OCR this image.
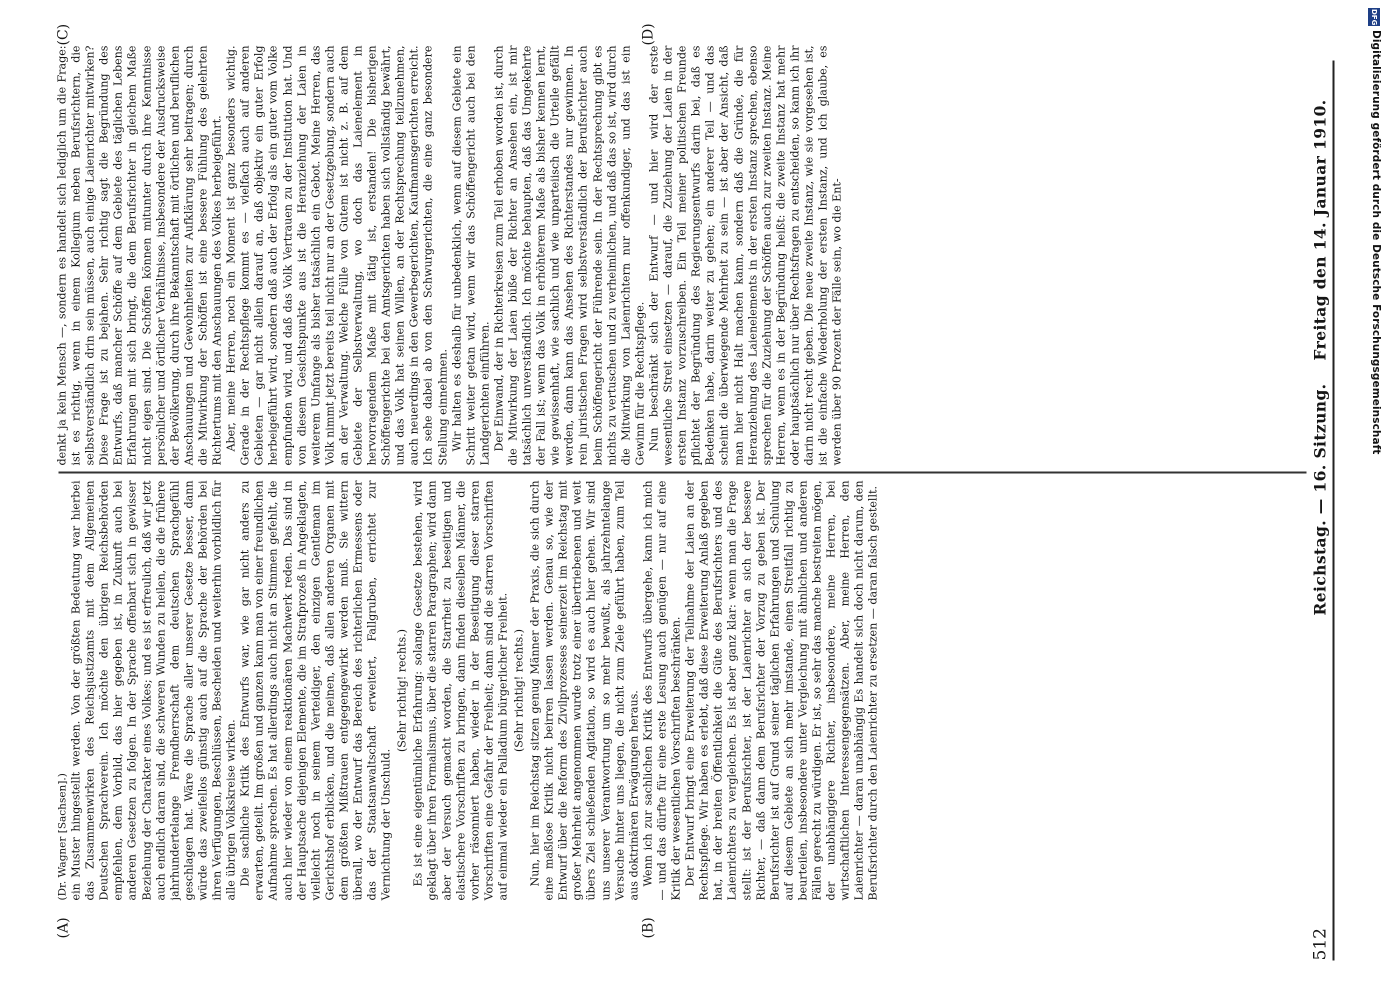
512
Reichstag. — 16. Sitzung.
Freitag den 14. Januar 1910.
(A)	(B)
(C)	(D)

(Dr. Wagner [Sachsen].) ein Muster hingestellt werden. Von der größten Bedeutung war hierbei das Zusammenwirken des Reichsjustizamts mit dem Allgemeinen Deutschen Sprachverein. Ich möchte den übrigen Reichsbehörden empfehlen, dem Vorbild, das hier gegeben ist, in Zukunft auch bei anderen Gesetzen zu folgen. In der Sprache offenbart sich in gewisser Beziehung der Charakter eines Volkes; und es ist erfreulich, daß wir jetzt auch endlich daran sind, die schweren Wunden zu heilen, die die frühere jahrhundertelange Fremdherrschaft dem deutschen Sprachgefühl geschlagen hat. Wäre die Sprache aller unserer Gesetze besser, dann würde das zweifellos günstig auch auf die Sprache der Behörden bei ihren Verfügungen, Beschlüssen, Bescheiden und weiterhin vorbildlich für alle übrigen Volkskreise wirken. Die sachliche Kritik des Entwurfs war, wie gar nicht anders zu erwarten, geteilt. Im großen und ganzen kann man von einer freundlichen Aufnahme sprechen. Es hat allerdings auch nicht an Stimmen gefehlt, die auch hier wieder von einem reaktionären Machwerk reden. Das sind in der Hauptsache diejenigen Elemente, die im Strafprozeß in Angeklagten, vielleicht noch in seinem Verteidiger, den einzigen Gentleman im Gerichtshof erblicken, und die meinen, daß allen anderen Organen mit dem größten Mißtrauen entgegengewirkt werden muß. Sie wittern überall, wo der Entwurf das Bereich des richterlichen Ermessens oder das der Staatsanwaltschaft erweitert, Fallgruben, errichtet zur Vernichtung der Unschuld.

(Sehr richtig! rechts.) Es ist eine eigentümliche Erfahrung: solange Gesetze bestehen, wird geklagt über ihren Formalismus, über die starren Paragraphen; wird dann aber der Versuch gemacht worden, die Starrheit zu beseitigen und elastischere Vorschriften zu bringen, dann finden dieselben Männer, die vorher räsonniert haben, wieder in der Beseitigung dieser starren Vorschriften eine Gefahr der Freiheit; dann sind die starren Vorschriften auf einmal wieder ein Palladium bürgerlicher Freiheit. (Sehr richtig! rechts.) Nun, hier im Reichstag sitzen genug Männer der Praxis, die sich durch eine maßlose Kritik nicht beirren lassen werden. Genau so, wie der Entwurf über die Reform des Zivilprozesses seinerzeit im Reichstag mit großer Mehrheit angenommen wurde trotz einer übertriebenen und weit übers Ziel schießenden Agitation, so wird es auch hier gehen. Wir sind uns unserer Verantwortung um so mehr bewußt, als jahrzehntelange Versuche hinter uns liegen, die nicht zum Ziele geführt haben, zum Teil aus doktrinären Erwägungen heraus. Wenn ich zur sachlichen Kritik des Entwurfs übergehe, kann ich mich — und das dürfte für eine erste Lesung auch genügen — nur auf eine Kritik der wesentlichen Vorschriften beschränken. Der Entwurf bringt eine Erweiterung der Teilnahme der Laien an der Rechtspflege. Wir haben es erlebt, daß diese Erweiterung Anlaß gegeben hat, in der breiten Öffentlichkeit die Güte des Berufsrichters und des Laienrichters zu vergleichen. Es ist aber ganz klar: wenn man die Frage stellt: ist der Berufsrichter, ist der Laienrichter an sich der bessere Richter, — daß dann dem Berufsrichter der Vorzug zu geben ist. Der Berufsrichter ist auf Grund seiner täglichen Erfahrungen und Schulung auf diesem Gebiete an sich mehr imstande, einen Streitfall richtig zu beurteilen, insbesondere unter Vergleichung mit ähnlichen und anderen Fällen gerecht zu würdigen. Er ist, so sehr das manche bestreiten mögen, der unabhängigere Richter, insbesondere, meine Herren, bei wirtschaftlichen Interessengegensätzen. Aber, meine Herren, den Laienrichter — daran unabhängig Es handelt sich doch nicht darum, den Berufsrichter durch den Laienrichter zu ersetzen — daran falsch gestellt.

denkt ja kein Mensch —, sondern es handelt sich lediglich um die Frage: ist es richtig, wenn in einem Kollegium neben Berufsrichtern, die selbstverständlich drin sein müssen, auch einige Laienrichter mitwirken? Diese Frage ist zu bejahen. Sehr richtig sagt die Begründung des Entwurfs, daß mancher Schöffe auf dem Gebiete des täglichen Lebens Erfahrungen mit sich bringt, die dem Berufsrichter in gleichem Maße nicht eigen sind. Die Schöffen können mitunter durch ihre Kenntnisse persönlicher und örtlicher Verhältnisse, insbesondere der Ausdrucksweise der Bevölkerung, durch ihre Bekanntschaft mit örtlichen und beruflichen Anschauungen und Gewohnheiten zur Aufklärung sehr beitragen; durch die Mitwirkung der Schöffen ist eine bessere Fühlung des gelehrten Richtertums mit den Anschauungen des Volkes herbeigeführt. Aber, meine Herren, noch ein Moment ist ganz besonders wichtig. Gerade in der Rechtspflege kommt es — vielfach auch auf anderen Gebieten — gar nicht allein darauf an, daß objektiv ein guter Erfolg herbeigeführt wird, sondern daß auch der Erfolg als ein guter vom Volke empfunden wird, und daß das Volk Vertrauen zu der Institution hat. Und von diesem Gesichtspunkte aus ist die Heranziehung der Laien in weiterem Umfange als bisher tatsächlich ein Gebot. Meine Herren, das Volk nimmt jetzt bereits teil nicht nur an der Gesetzgebung, sondern auch an der Verwaltung. Welche Fülle von Gutem ist nicht z. B. auf dem Gebiete der Selbstverwaltung, wo doch das Laienelement in hervorragendem Maße mit tätig ist, erstanden! Die bisherigen Schöffengerichte bei den Amtsgerichten haben sich vollständig bewährt, und das Volk hat seinen Willen, an der Rechtsprechung teilzunehmen, auch neuerdings in den Gewerbegerichten, Kaufmannsgerichten erreicht. Ich sehe dabei ab von den Schwurgerichten, die eine ganz besondere Stellung einnehmen. Wir halten es deshalb für unbedenklich, wenn auf diesem Gebiete ein Schritt weiter getan wird, wenn wir das Schöffengericht auch bei den Landgerichten einführen. Der Einwand, der in Richterkreisen zum Teil erhoben worden ist, durch die Mitwirkung der Laien büße der Richter an Ansehen ein, ist mir tatsächlich unverständlich. Ich möchte behaupten, daß das Umgekehrte der Fall ist; wenn das Volk in erhöhterem Maße als bisher kennen lernt, wie gewissenhaft, wie sachlich und wie unparteiisch die Urteile gefällt werden, dann kann das Ansehen des Richterstandes nur gewinnen. In rein juristischen Fragen wird selbstverständlich der Berufsrichter auch beim Schöffengericht der Führende sein. In der Rechtsprechung gibt es nichts zu vertuschen und zu verheimlichen, und daß das so ist, wird durch die Mitwirkung von Laienrichtern nur offenkundiger, und das ist ein Gewinn für die Rechtspflege. Nun beschränkt sich der Entwurf — und hier wird der erste wesentliche Streit einsetzen — darauf, die Zuziehung der Laien in der ersten Instanz vorzuschreiben. Ein Teil meiner politischen Freunde pflichtet der Begründung des Regierungsentwurfs darin bei, daß es Bedenken habe, darin weiter zu gehen; ein anderer Teil — und das scheint die überwiegende Mehrheit zu sein — ist aber der Ansicht, daß man hier nicht Halt machen kann, sondern daß die Gründe, die für Heranziehung des Laienelements in der ersten Instanz sprechen, ebenso sprechen für die Zuziehung der Schöffen auch zur zweiten Instanz. Meine Herren, wenn es in der Begründung heißt: die zweite Instanz hat mehr oder hauptsächlich nur über Rechtsfragen zu entscheiden, so kann ich ihr darin nicht recht geben. Die neue zweite Instanz, wie sie vorgesehen ist, ist die einfache Wiederholung der ersten Instanz, und ich glaube, es werden über 90 Prozent der Fälle sein, wo die Ent-

DFG
Digitalisierung gefördert durch die Deutsche Forschungsgemeinschaft
